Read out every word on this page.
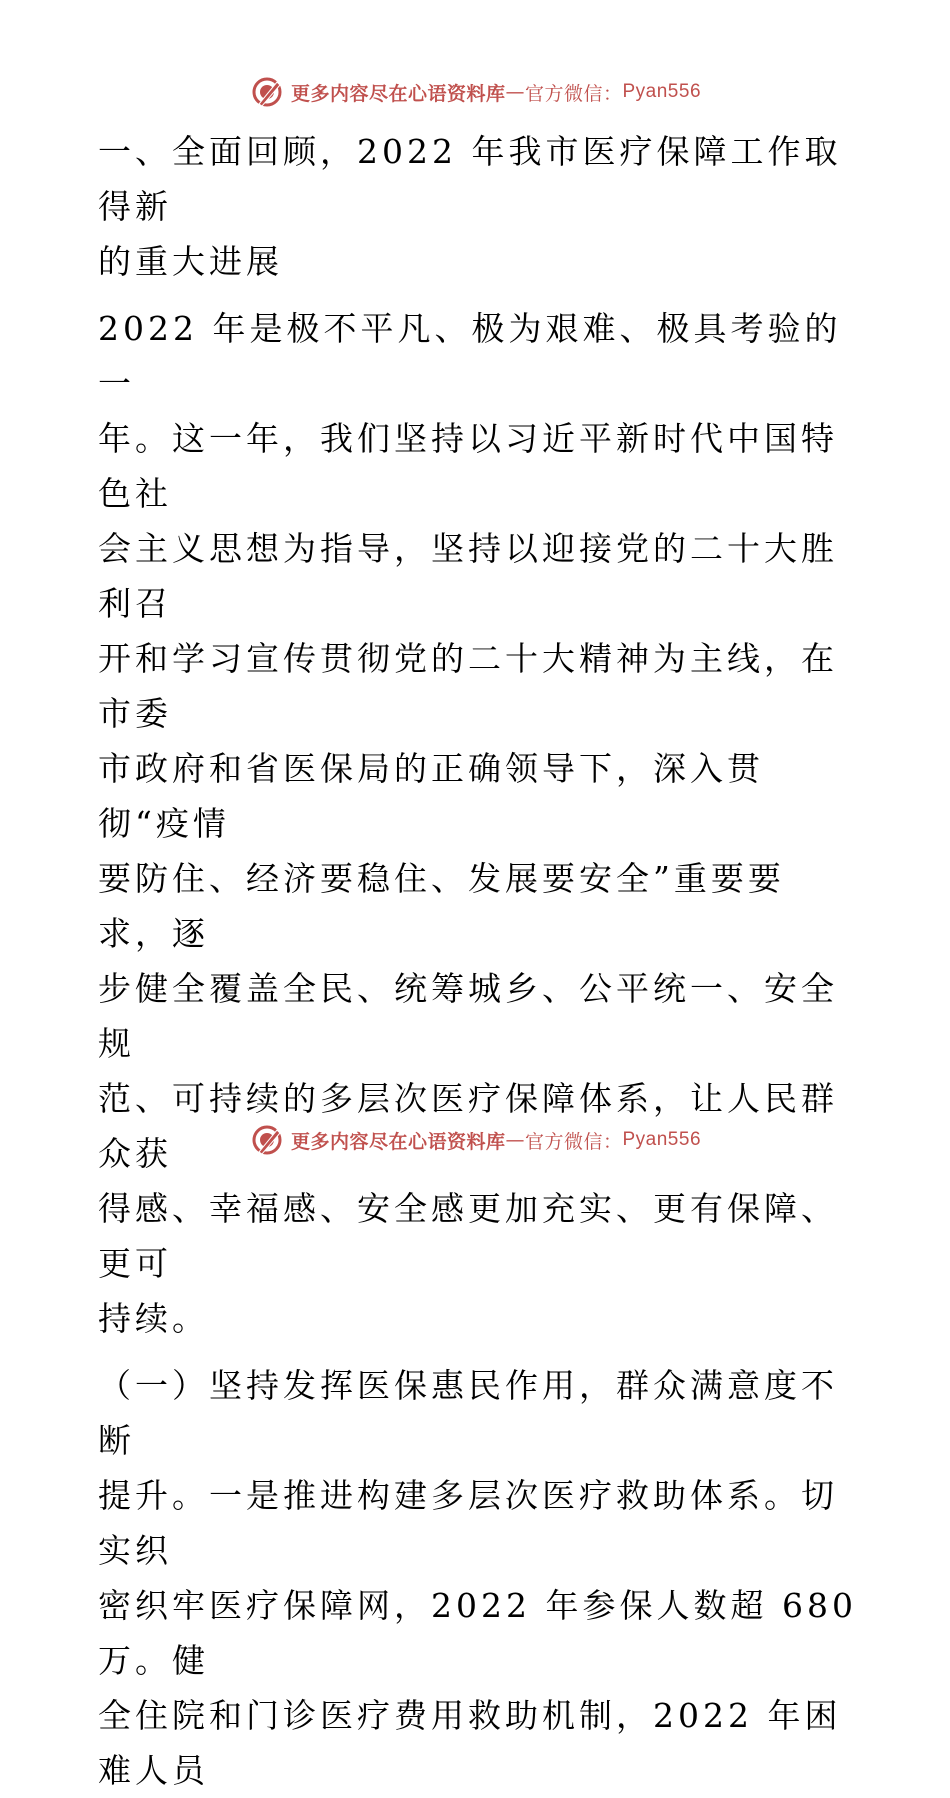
更多内容尽在心语资料库 — 官方微信： Pyan556

一、全面回顾，2022 年我市医疗保障工作取得新
的重大进展

2022 年是极不平凡、极为艰难、极具考验的一
年。这一年，我们坚持以习近平新时代中国特色社
会主义思想为指导，坚持以迎接党的二十大胜利召
开和学习宣传贯彻党的二十大精神为主线，在市委
市政府和省医保局的正确领导下，深入贯彻“疫情
要防住、经济要稳住、发展要安全”重要要求，逐
步健全覆盖全民、统筹城乡、公平统一、安全规
范、可持续的多层次医疗保障体系，让人民群众获
得感、幸福感、安全感更加充实、更有保障、更可
持续。

（一）坚持发挥医保惠民作用，群众满意度不断
提升。一是推进构建多层次医疗救助体系。切实织
密织牢医疗保障网，2022 年参保人数超 680 万。健
全住院和门诊医疗费用救助机制，2022 年困难人员

更多内容尽在心语资料库 — 官方微信： Pyan556
